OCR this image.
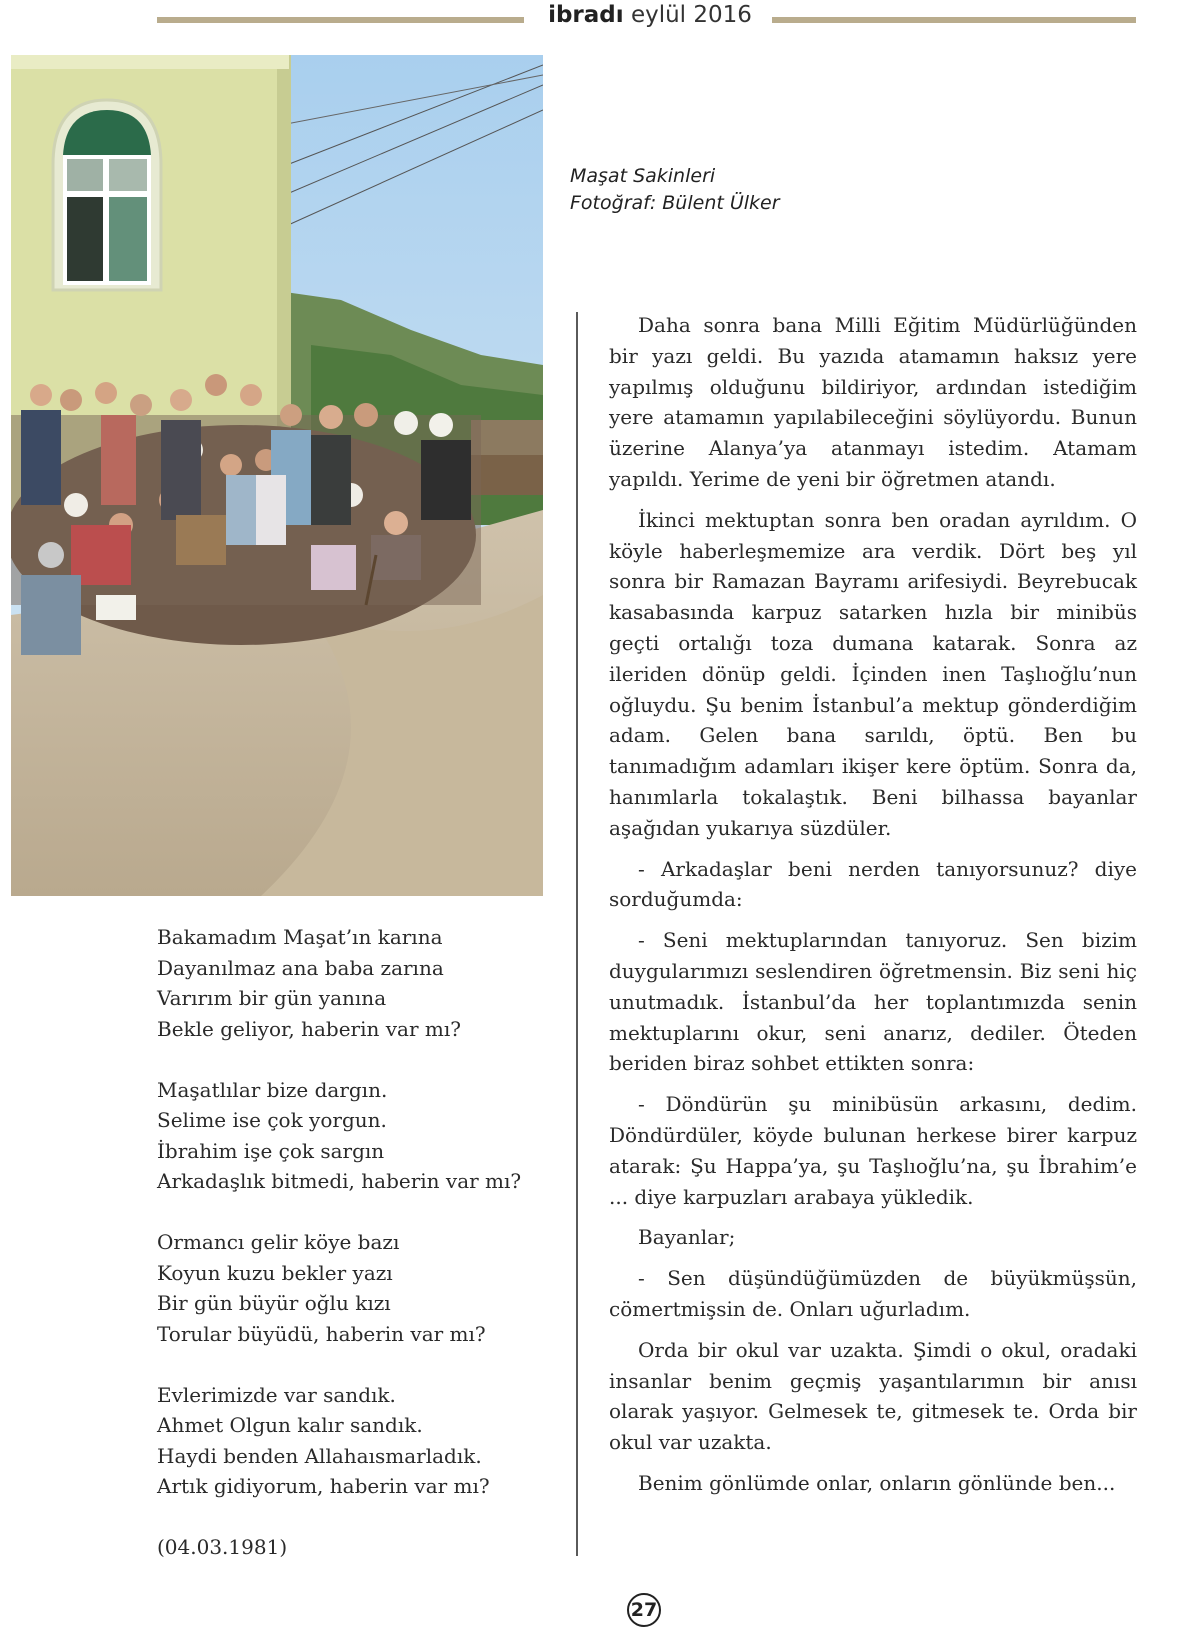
ibradı eylül 2016
Maşat Sakinleri
Fotoğraf: Bülent Ülker
Bakamadım Maşat’ın karına
Dayanılmaz ana baba zarına
Varırım bir gün yanına
Bekle geliyor, haberin var mı?
Maşatlılar bize dargın.
Selime ise çok yorgun.
İbrahim işe çok sargın
Arkadaşlık bitmedi, haberin var mı?
Ormancı gelir köye bazı
Koyun kuzu bekler yazı
Bir gün büyür oğlu kızı
Torular büyüdü, haberin var mı?
Evlerimizde var sandık.
Ahmet Olgun kalır sandık.
Haydi benden Allahaısmarladık.
Artık gidiyorum, haberin var mı?
(04.03.1981)

Daha sonra bana Milli Eğitim Müdürlüğünden bir yazı geldi. Bu yazıda atamamın haksız yere yapılmış olduğunu bildiriyor, ardından istediğim yere atamamın yapılabileceğini söylüyordu. Bunun üzerine Alanya’ya atanmayı istedim. Atamam yapıldı. Yerime de yeni bir öğretmen atandı.

İkinci mektuptan sonra ben oradan ayrıldım. O köyle haberleşmemize ara verdik. Dört beş yıl sonra bir Ramazan Bayramı arifesiydi. Beyrebucak kasabasında karpuz satarken hızla bir minibüs geçti ortalığı toza dumana katarak. Sonra az ileriden dönüp geldi. İçinden inen Taşlıoğlu’nun oğluydu. Şu benim İstanbul’a mektup gönderdiğim adam. Gelen bana sarıldı, öptü. Ben bu tanımadığım adamları ikişer kere öptüm. Sonra da, hanımlarla tokalaştık. Beni bilhassa bayanlar aşağıdan yukarıya süzdüler.

- Arkadaşlar beni nerden tanıyorsunuz? diye sorduğumda:

- Seni mektuplarından tanıyoruz. Sen bizim duygularımızı seslendiren öğretmensin. Biz seni hiç unutmadık. İstanbul’da her toplantımızda senin mektuplarını okur, seni anarız, dediler. Öteden beriden biraz sohbet ettikten sonra:

- Döndürün şu minibüsün arkasını, dedim. Döndürdüler, köyde bulunan herkese birer karpuz atarak: Şu Happa’ya, şu Taşlıoğlu’na, şu İbrahim’e ... diye karpuzları arabaya yükledik.

Bayanlar;

- Sen düşündüğümüzden de büyükmüşsün, cömertmişsin de. Onları uğurladım.

Orda bir okul var uzakta. Şimdi o okul, oradaki insanlar benim geçmiş yaşantılarımın bir anısı olarak yaşıyor. Gelmesek te, gitmesek te. Orda bir okul var uzakta.

Benim gönlümde onlar, onların gönlünde ben...

27
